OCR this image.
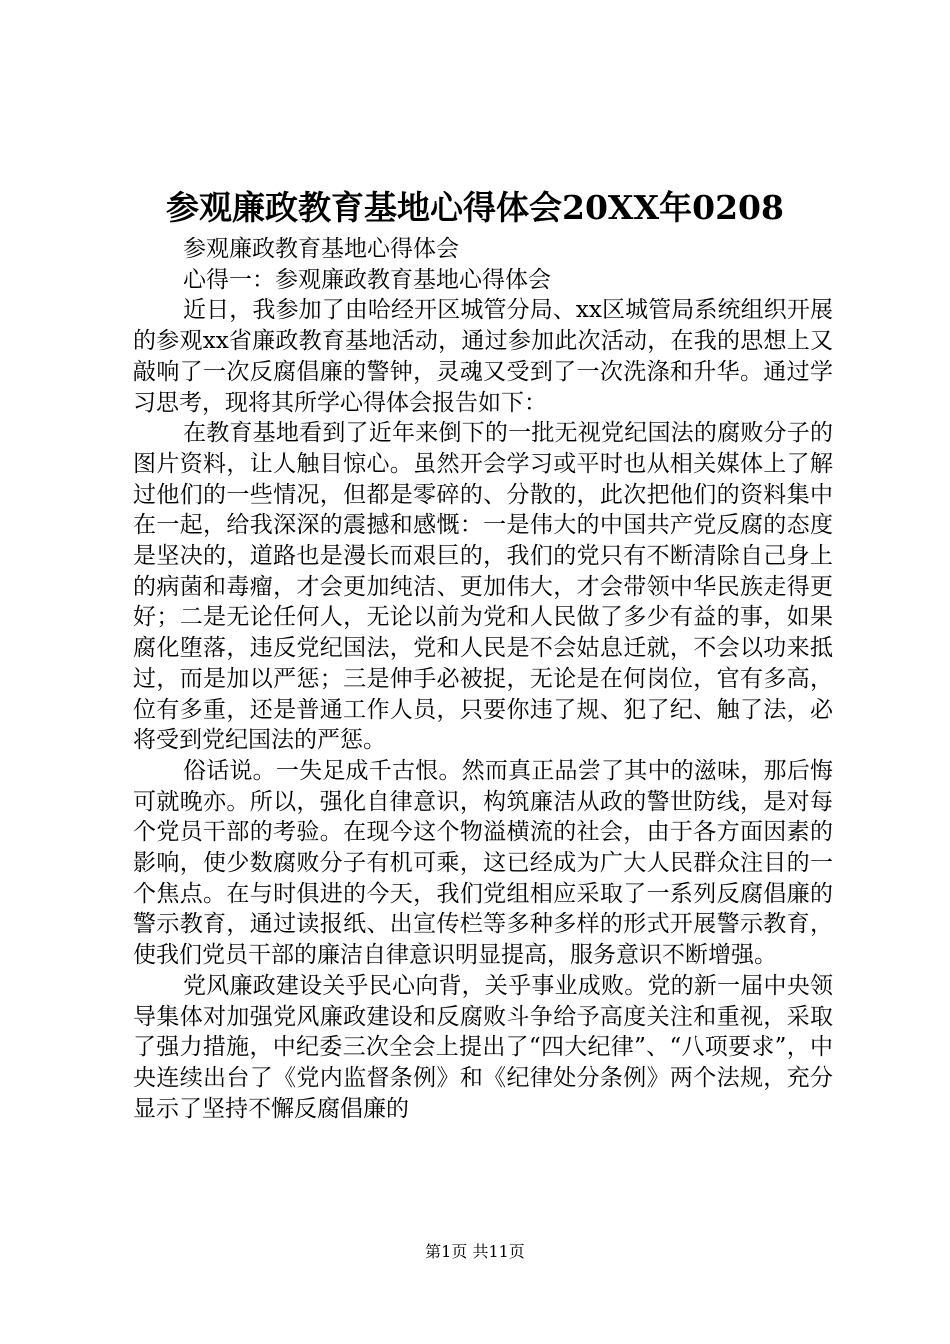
参观廉政教育基地心得体会20XX年0208

参观廉政教育基地心得体会

心得一：参观廉政教育基地心得体会

近日，我参加了由哈经开区城管分局、xx区城管局系统组织开展的参观xx省廉政教育基地活动，通过参加此次活动，在我的思想上又敲响了一次反腐倡廉的警钟，灵魂又受到了一次洗涤和升华。通过学习思考，现将其所学心得体会报告如下：

在教育基地看到了近年来倒下的一批无视党纪国法的腐败分子的图片资料，让人触目惊心。虽然开会学习或平时也从相关媒体上了解过他们的一些情况，但都是零碎的、分散的，此次把他们的资料集中在一起，给我深深的震撼和感慨：一是伟大的中国共产党反腐的态度是坚决的，道路也是漫长而艰巨的，我们的党只有不断清除自己身上的病菌和毒瘤，才会更加纯洁、更加伟大，才会带领中华民族走得更好；二是无论任何人，无论以前为党和人民做了多少有益的事，如果腐化堕落，违反党纪国法，党和人民是不会姑息迁就，不会以功来抵过，而是加以严惩；三是伸手必被捉，无论是在何岗位，官有多高，位有多重，还是普通工作人员，只要你违了规、犯了纪、触了法，必将受到党纪国法的严惩。

俗话说。一失足成千古恨。然而真正品尝了其中的滋味，那后悔可就晚亦。所以，强化自律意识，构筑廉洁从政的警世防线，是对每个党员干部的考验。在现今这个物溢横流的社会，由于各方面因素的影响，使少数腐败分子有机可乘，这已经成为广大人民群众注目的一个焦点。在与时俱进的今天，我们党组相应采取了一系列反腐倡廉的警示教育，通过读报纸、出宣传栏等多种多样的形式开展警示教育，使我们党员干部的廉洁自律意识明显提高，服务意识不断增强。

党风廉政建设关乎民心向背，关乎事业成败。党的新一届中央领导集体对加强党风廉政建设和反腐败斗争给予高度关注和重视，采取了强力措施，中纪委三次全会上提出了“四大纪律”、“八项要求”，中央连续出台了《党内监督条例》和《纪律处分条例》两个法规，充分显示了坚持不懈反腐倡廉的

第1页 共11页
